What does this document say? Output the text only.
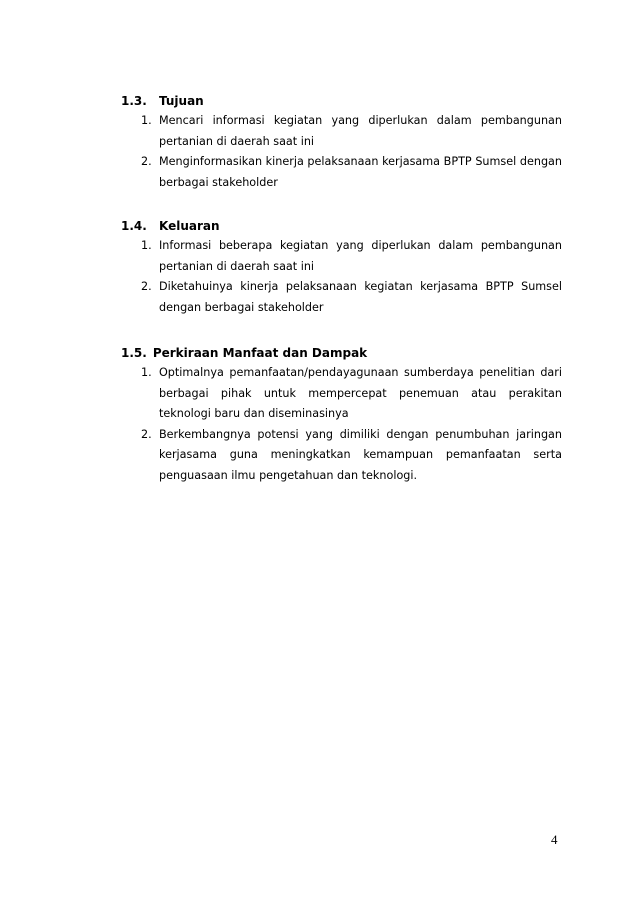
1.3.	Tujuan
1. Mencari informasi kegiatan yang diperlukan dalam pembangunan pertanian di daerah saat ini
2. Menginformasikan kinerja pelaksanaan kerjasama BPTP Sumsel dengan berbagai stakeholder
1.4.	Keluaran
1. Informasi beberapa kegiatan yang diperlukan dalam pembangunan pertanian di daerah saat ini
2. Diketahuinya kinerja pelaksanaan kegiatan kerjasama BPTP Sumsel dengan berbagai stakeholder
1.5. Perkiraan Manfaat dan Dampak
1. Optimalnya pemanfaatan/pendayagunaan sumberdaya penelitian dari berbagai pihak untuk mempercepat penemuan atau perakitan teknologi baru dan diseminasinya
2. Berkembangnya potensi yang dimiliki dengan penumbuhan jaringan kerjasama guna meningkatkan kemampuan pemanfaatan serta penguasaan ilmu pengetahuan dan teknologi.
4
